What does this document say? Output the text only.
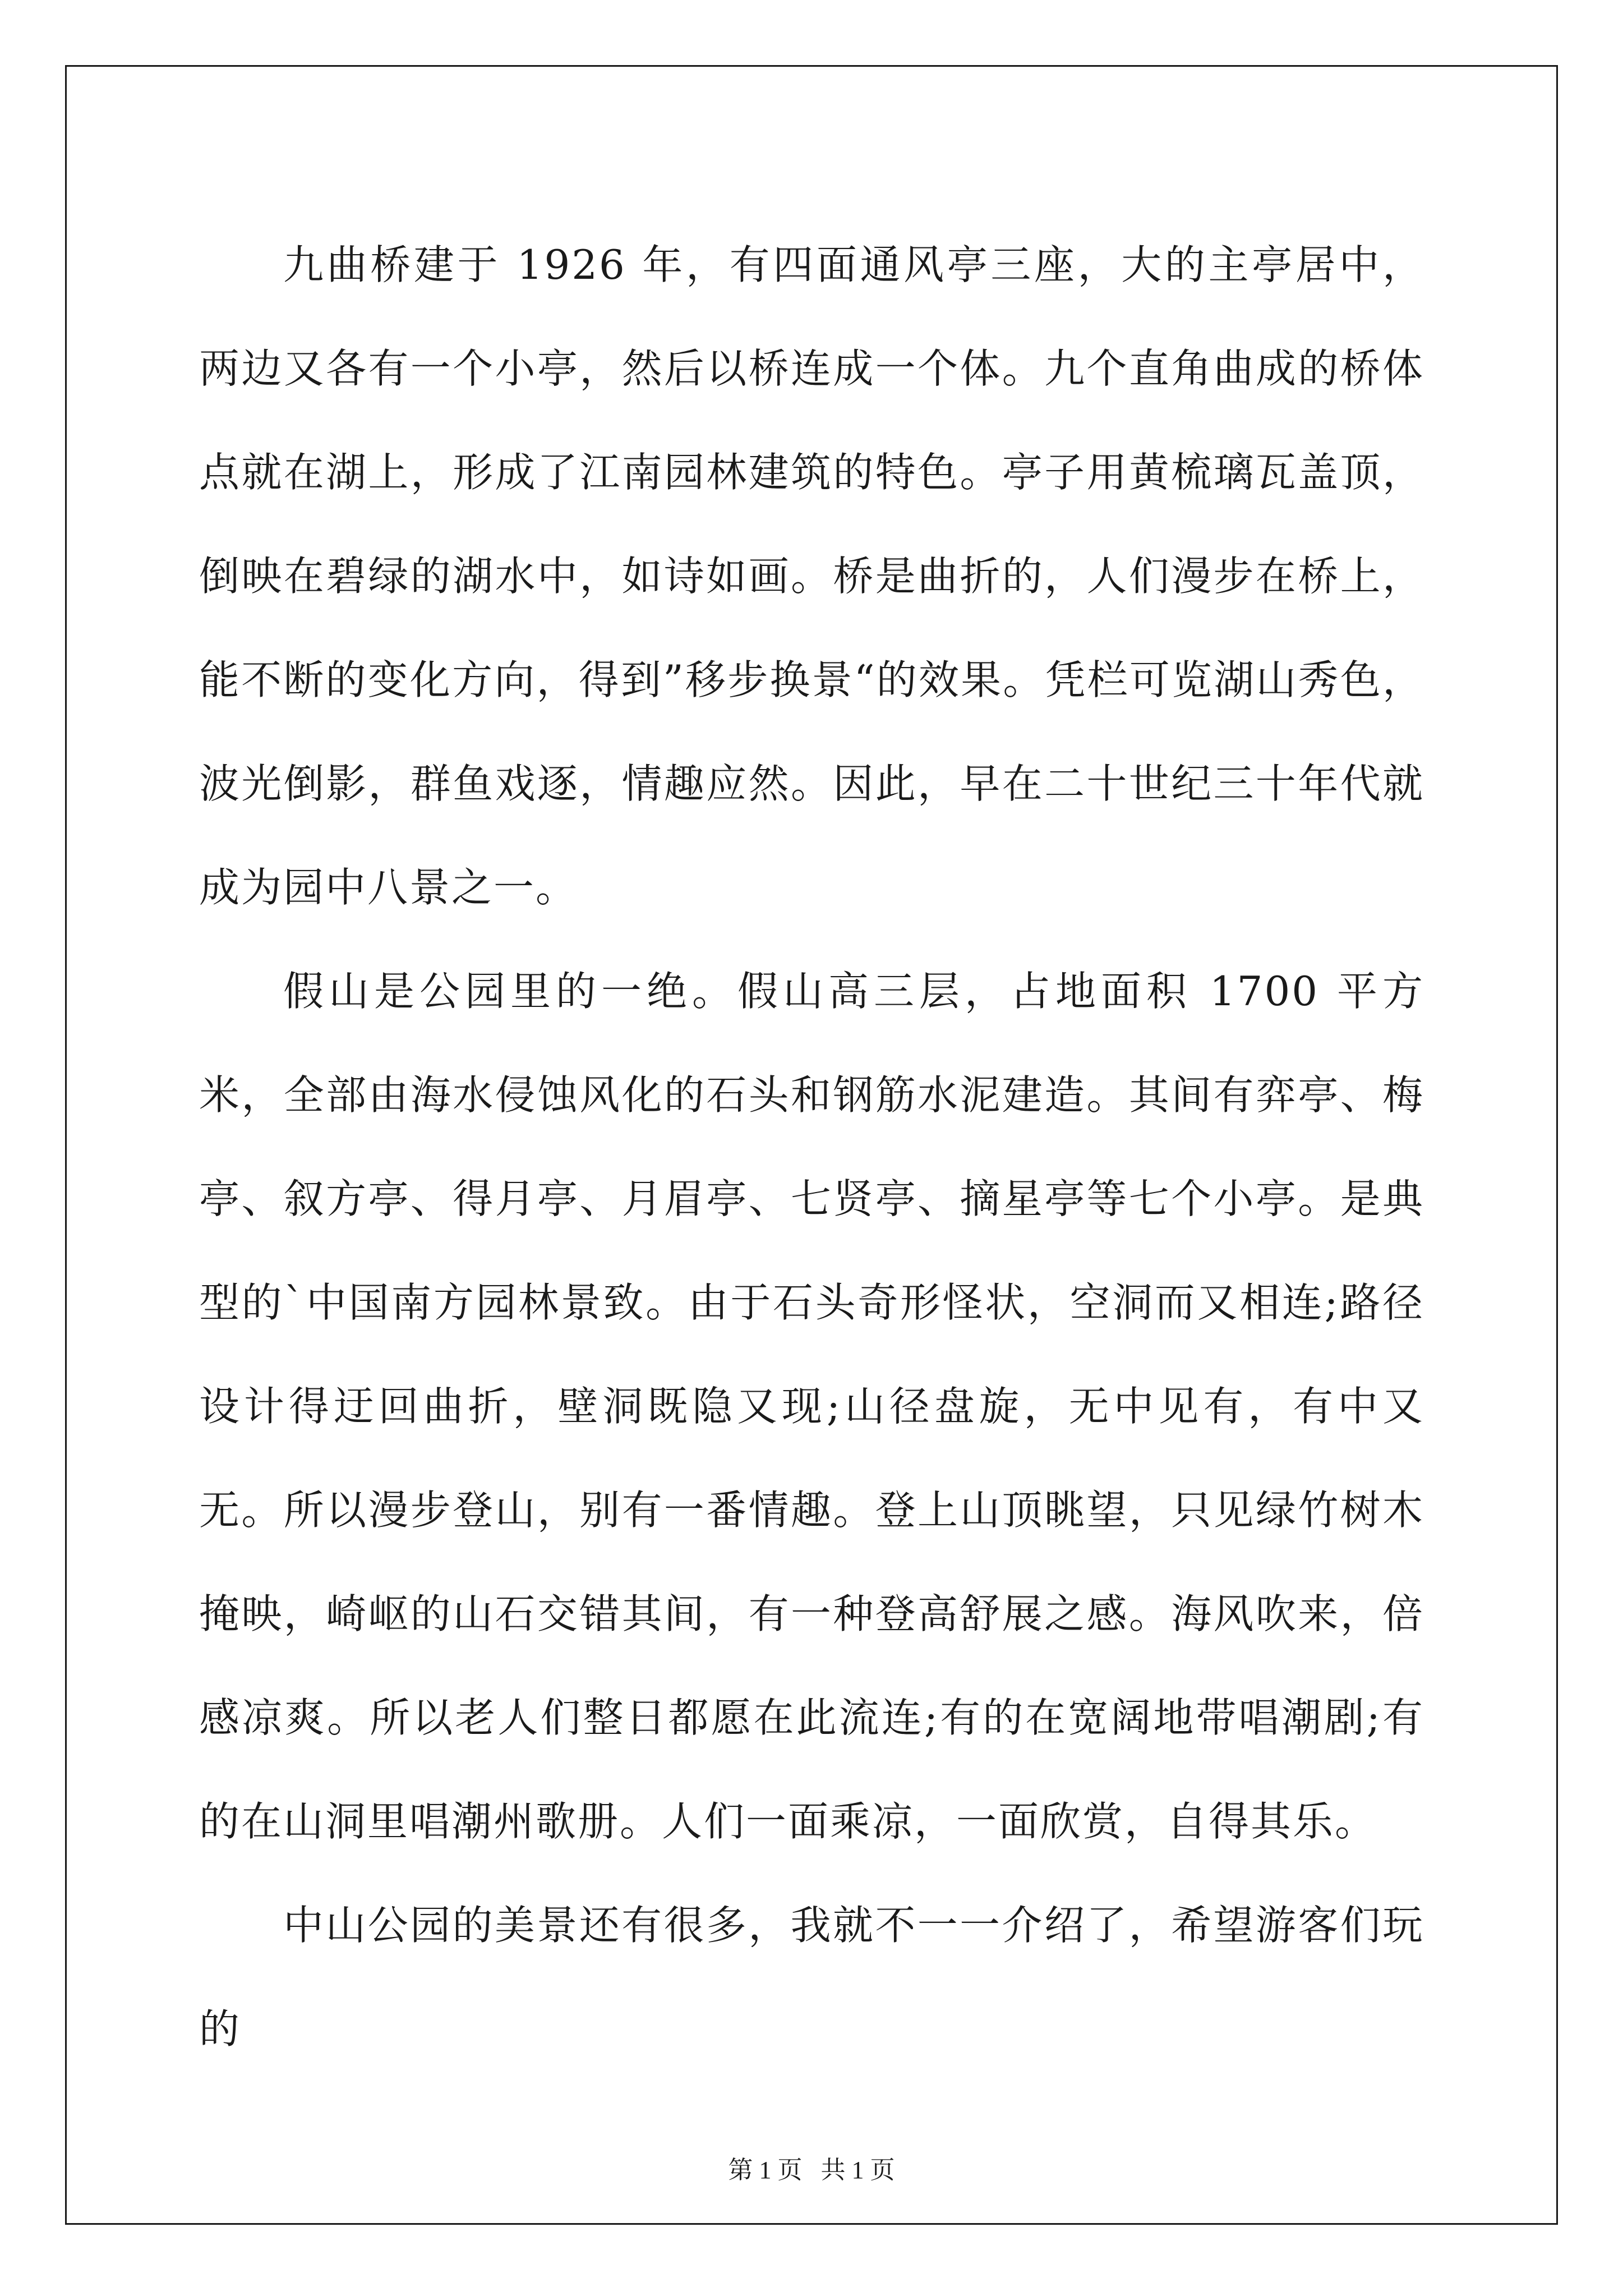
九曲桥建于 1926 年，有四面通风亭三座，大的主亭居中，两边又各有一个小亭，然后以桥连成一个体。九个直角曲成的桥体点就在湖上，形成了江南园林建筑的特色。亭子用黄梳璃瓦盖顶，倒映在碧绿的湖水中，如诗如画。桥是曲折的，人们漫步在桥上，能不断的变化方向，得到”移步换景“的效果。凭栏可览湖山秀色，波光倒影，群鱼戏逐，情趣应然。因此，早在二十世纪三十年代就成为园中八景之一。

假山是公园里的一绝。假山高三层，占地面积 1700 平方米，全部由海水侵蚀风化的石头和钢筋水泥建造。其间有弈亭、梅亭、叙方亭、得月亭、月眉亭、七贤亭、摘星亭等七个小亭。是典型的`中国南方园林景致。由于石头奇形怪状，空洞而又相连;路径设计得迂回曲折，壁洞既隐又现;山径盘旋，无中见有，有中又无。所以漫步登山，别有一番情趣。登上山顶眺望，只见绿竹树木掩映，崎岖的山石交错其间，有一种登高舒展之感。海风吹来，倍感凉爽。所以老人们整日都愿在此流连;有的在宽阔地带唱潮剧;有的在山洞里唱潮州歌册。人们一面乘凉，一面欣赏，自得其乐。

中山公园的美景还有很多，我就不一一介绍了，希望游客们玩的

第 1 页 共 1 页
